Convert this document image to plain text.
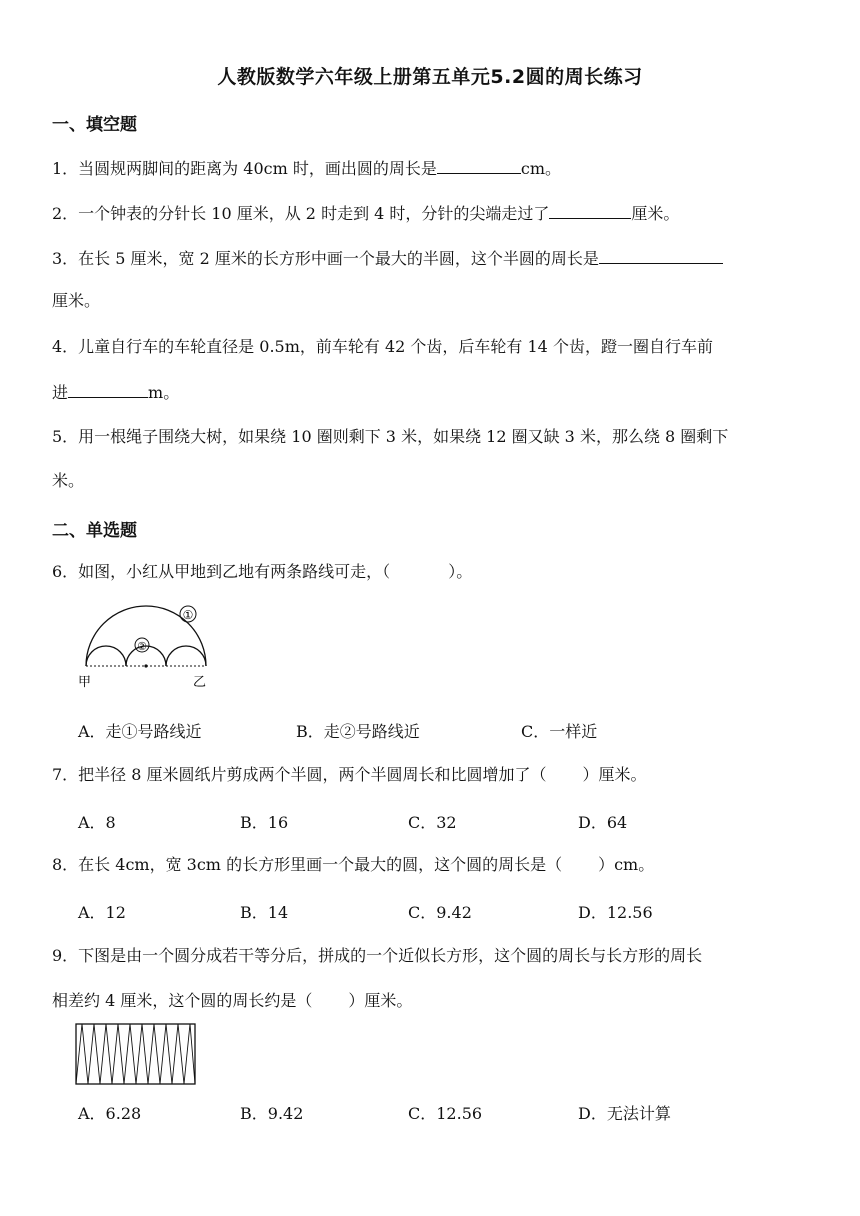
人教版数学六年级上册第五单元5.2圆的周长练习
一、填空题
1．当圆规两脚间的距离为 40cm 时，画出圆的周长是	cm。
2．一个钟表的分针长 10 厘米，从 2 时走到 4 时，分针的尖端走过了	厘米。
3．在长 5 厘米，宽 2 厘米的长方形中画一个最大的半圆，这个半圆的周长是
厘米。
4．儿童自行车的车轮直径是 0.5m，前车轮有 42 个齿，后车轮有 14 个齿，蹬一圈自行车前
进	m。
5．用一根绳子围绕大树，如果绕 10 圈则剩下 3 米，如果绕 12 圈又缺 3 米，那么绕 8 圈剩下
米。
二、单选题
6．如图，小红从甲地到乙地有两条路线可走，（	）。
①
②
甲	乙
A．走①号路线近	B．走②号路线近	C．一样近
7．把半径 8 厘米圆纸片剪成两个半圆，两个半圆周长和比圆增加了（ ）厘米。
A．8	B．16	C．32	D．64
8．在长 4cm，宽 3cm 的长方形里画一个最大的圆，这个圆的周长是（ ）cm。
A．12	B．14	C．9.42	D．12.56
9．下图是由一个圆分成若干等分后，拼成的一个近似长方形，这个圆的周长与长方形的周长
相差约 4 厘米，这个圆的周长约是（ ）厘米。
A．6.28	B．9.42	C．12.56	D．无法计算
